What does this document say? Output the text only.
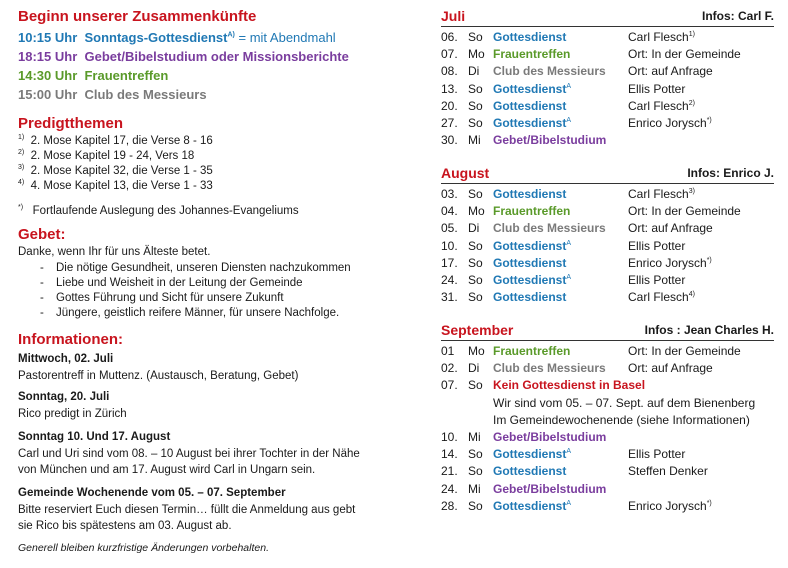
Beginn unserer Zusammenkünfte
10:15 Uhr Sonntags-Gottesdienst$^{A)}$ = mit Abendmahl
18:15 Uhr Gebet/Bibelstudium oder Missionsberichte
14:30 Uhr Frauentreffen
15:00 Uhr Club des Messieurs
Predigtthemen
$^{1)}$ 2. Mose Kapitel 17, die Verse 8 - 16
$^{2)}$ 2. Mose Kapitel 19 - 24, Vers 18
$^{3)}$ 2. Mose Kapitel 32, die Verse 1 - 35
$^{4)}$ 4. Mose Kapitel 13, die Verse 1 - 33
*) Fortlaufende Auslegung des Johannes-Evangeliums
Gebet:
Danke, wenn Ihr für uns Älteste betet.
- Die nötige Gesundheit, unseren Diensten nachzukommen
- Liebe und Weisheit in der Leitung der Gemeinde
- Gottes Führung und Sicht für unsere Zukunft
- Jüngere, geistlich reifere Männer, für unsere Nachfolge.
Informationen:
Mittwoch, 02. Juli
Pastorentreff in Muttenz. (Austausch, Beratung, Gebet)
Sonntag, 20. Juli
Rico predigt in Zürich
Sonntag 10. Und 17. August
Carl und Uri sind vom 08. – 10 August bei ihrer Tochter in der Nähe
von München und am 17. August wird Carl in Ungarn sein.
Gemeinde Wochenende vom 05. – 07. September
Bitte reserviert Euch diesen Termin… füllt die Anmeldung aus gebt
sie Rico bis spätestens am 03. August ab.
Generell bleiben kurzfristige Änderungen vorbehalten.
Juli	Infos: Carl F.
06. So Gottesdienst	Carl Flesch$^{1)}$
07. Mo Frauentreffen	Ort: In der Gemeinde
08. Di Club des Messieurs Ort: auf Anfrage
13. So Gottesdienst$^A$	Ellis Potter
20. So Gottesdienst	Carl Flesch$^{2)}$
27. So Gottesdienst$^A$	Enrico Jorysch*)
30. Mi Gebet/Bibelstudium
August	Infos: Enrico J.
03. So Gottesdienst	Carl Flesch$^{3)}$
04. Mo Frauentreffen	Ort: In der Gemeinde
05. Di Club des Messieurs Ort: auf Anfrage
10. So Gottesdienst$^A$	Ellis Potter
17. So Gottesdienst	Enrico Jorysch*)
24. So Gottesdienst$^A$	Ellis Potter
31. So Gottesdienst	Carl Flesch$^{4)}$
September	Infos : Jean Charles H.
01 Mo Frauentreffen	Ort: In der Gemeinde
02. Di Club des Messieurs Ort: auf Anfrage
07. So Kein Gottesdienst in Basel
Wir sind vom 05. – 07. Sept. auf dem Bienenberg
Im Gemeindewochenende (siehe Informationen)
10. Mi Gebet/Bibelstudium
14. So Gottesdienst$^A$	Ellis Potter
21. So Gottesdienst	Steffen Denker
24. Mi Gebet/Bibelstudium
28. So Gottesdienst$^A$	Enrico Jorysch*)
